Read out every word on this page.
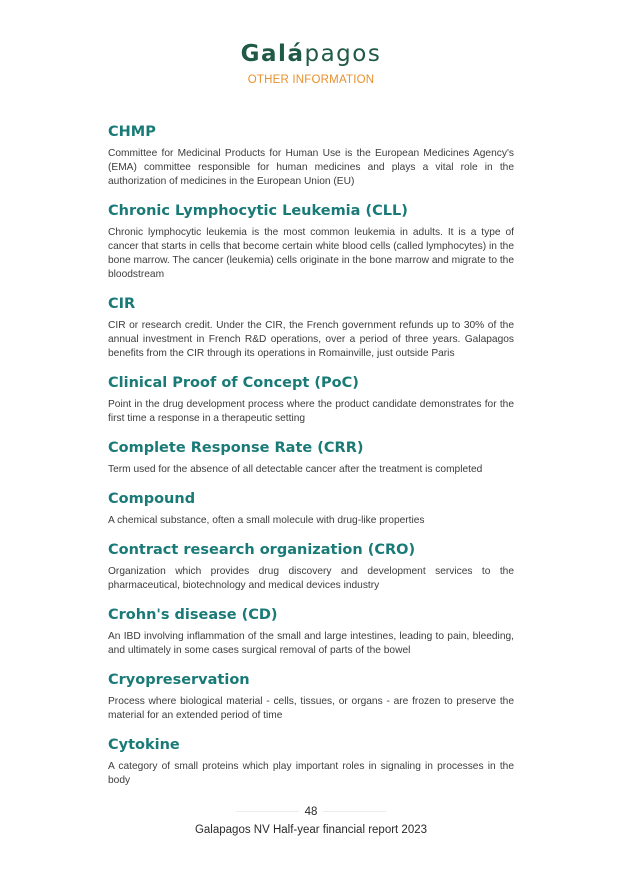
Galápagos
OTHER INFORMATION
CHMP

Committee for Medicinal Products for Human Use is the European Medicines Agency's (EMA) committee responsible for human medicines and plays a vital role in the authorization of medicines in the European Union (EU)

Chronic Lymphocytic Leukemia (CLL)

Chronic lymphocytic leukemia is the most common leukemia in adults. It is a type of cancer that starts in cells that become certain white blood cells (called lymphocytes) in the bone marrow. The cancer (leukemia) cells originate in the bone marrow and migrate to the bloodstream

CIR

CIR or research credit. Under the CIR, the French government refunds up to 30% of the annual investment in French R&D operations, over a period of three years. Galapagos benefits from the CIR through its operations in Romainville, just outside Paris

Clinical Proof of Concept (PoC)

Point in the drug development process where the product candidate demonstrates for the first time a response in a therapeutic setting

Complete Response Rate (CRR)

Term used for the absence of all detectable cancer after the treatment is completed

Compound

A chemical substance, often a small molecule with drug-like properties

Contract research organization (CRO)

Organization which provides drug discovery and development services to the pharmaceutical, biotechnology and medical devices industry

Crohn's disease (CD)

An IBD involving inflammation of the small and large intestines, leading to pain, bleeding, and ultimately in some cases surgical removal of parts of the bowel

Cryopreservation

Process where biological material - cells, tissues, or organs - are frozen to preserve the material for an extended period of time

Cytokine

A category of small proteins which play important roles in signaling in processes in the body

48
Galapagos NV Half-year financial report 2023
